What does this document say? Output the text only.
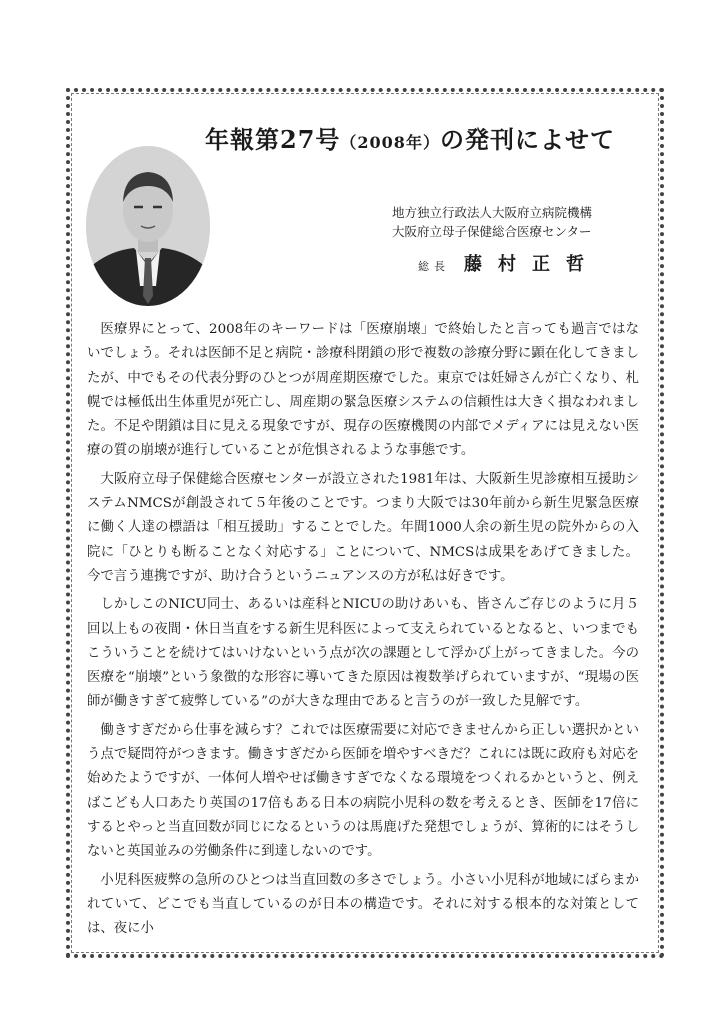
年報第27号（2008年）の発刊によせて
地方独立行政法人大阪府立病院機構
大阪府立母子保健総合医療センター
総長 藤村正哲

医療界にとって、2008年のキーワードは「医療崩壊」で終始したと言っても過言ではないでしょう。それは医師不足と病院・診療科閉鎖の形で複数の診療分野に顕在化してきましたが、中でもその代表分野のひとつが周産期医療でした。東京では妊婦さんが亡くなり、札幌では極低出生体重児が死亡し、周産期の緊急医療システムの信頼性は大きく損なわれました。不足や閉鎖は目に見える現象ですが、現存の医療機関の内部でメディアには見えない医療の質の崩壊が進行していることが危惧されるような事態です。

大阪府立母子保健総合医療センターが設立された1981年は、大阪新生児診療相互援助システムNMCSが創設されて５年後のことです。つまり大阪では30年前から新生児緊急医療に働く人達の標語は「相互援助」することでした。年間1000人余の新生児の院外からの入院に「ひとりも断ることなく対応する」ことについて、NMCSは成果をあげてきました。今で言う連携ですが、助け合うというニュアンスの方が私は好きです。

しかしこのNICU同士、あるいは産科とNICUの助けあいも、皆さんご存じのように月５回以上もの夜間・休日当直をする新生児科医によって支えられているとなると、いつまでもこういうことを続けてはいけないという点が次の課題として浮かび上がってきました。今の医療を“崩壊”という象徴的な形容に導いてきた原因は複数挙げられていますが、“現場の医師が働きすぎて疲弊している”のが大きな理由であると言うのが一致した見解です。

働きすぎだから仕事を減らす？これでは医療需要に対応できませんから正しい選択かという点で疑問符がつきます。働きすぎだから医師を増やすべきだ？これには既に政府も対応を始めたようですが、一体何人増やせば働きすぎでなくなる環境をつくれるかというと、例えばこども人口あたり英国の17倍もある日本の病院小児科の数を考えるとき、医師を17倍にするとやっと当直回数が同じになるというのは馬鹿げた発想でしょうが、算術的にはそうしないと英国並みの労働条件に到達しないのです。

小児科医疲弊の急所のひとつは当直回数の多さでしょう。小さい小児科が地域にばらまかれていて、どこでも当直しているのが日本の構造です。それに対する根本的な対策としては、夜に小
